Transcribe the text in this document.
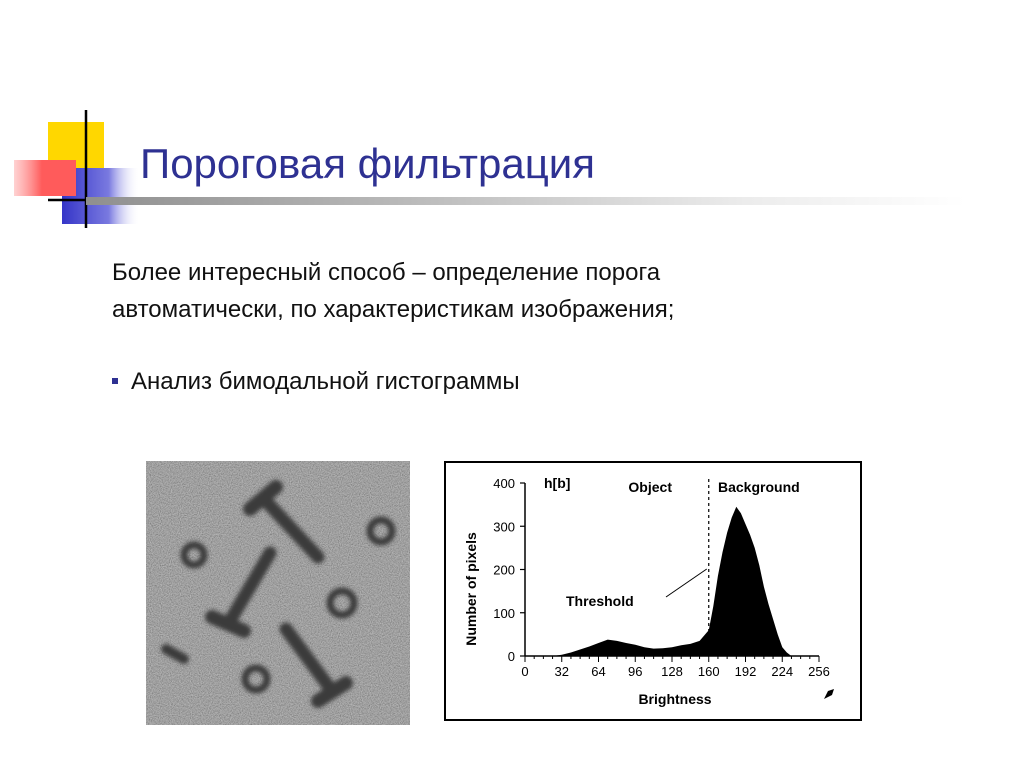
Пороговая фильтрация
Более интересный способ – определение порога
автоматически, по характеристикам изображения;
Анализ бимодальной гистограммы
0
100
200
300
400
0 32 64 96 128 160 192 224 256
Number of pixels
h[b]	Object	Background
Threshold
Brightness
